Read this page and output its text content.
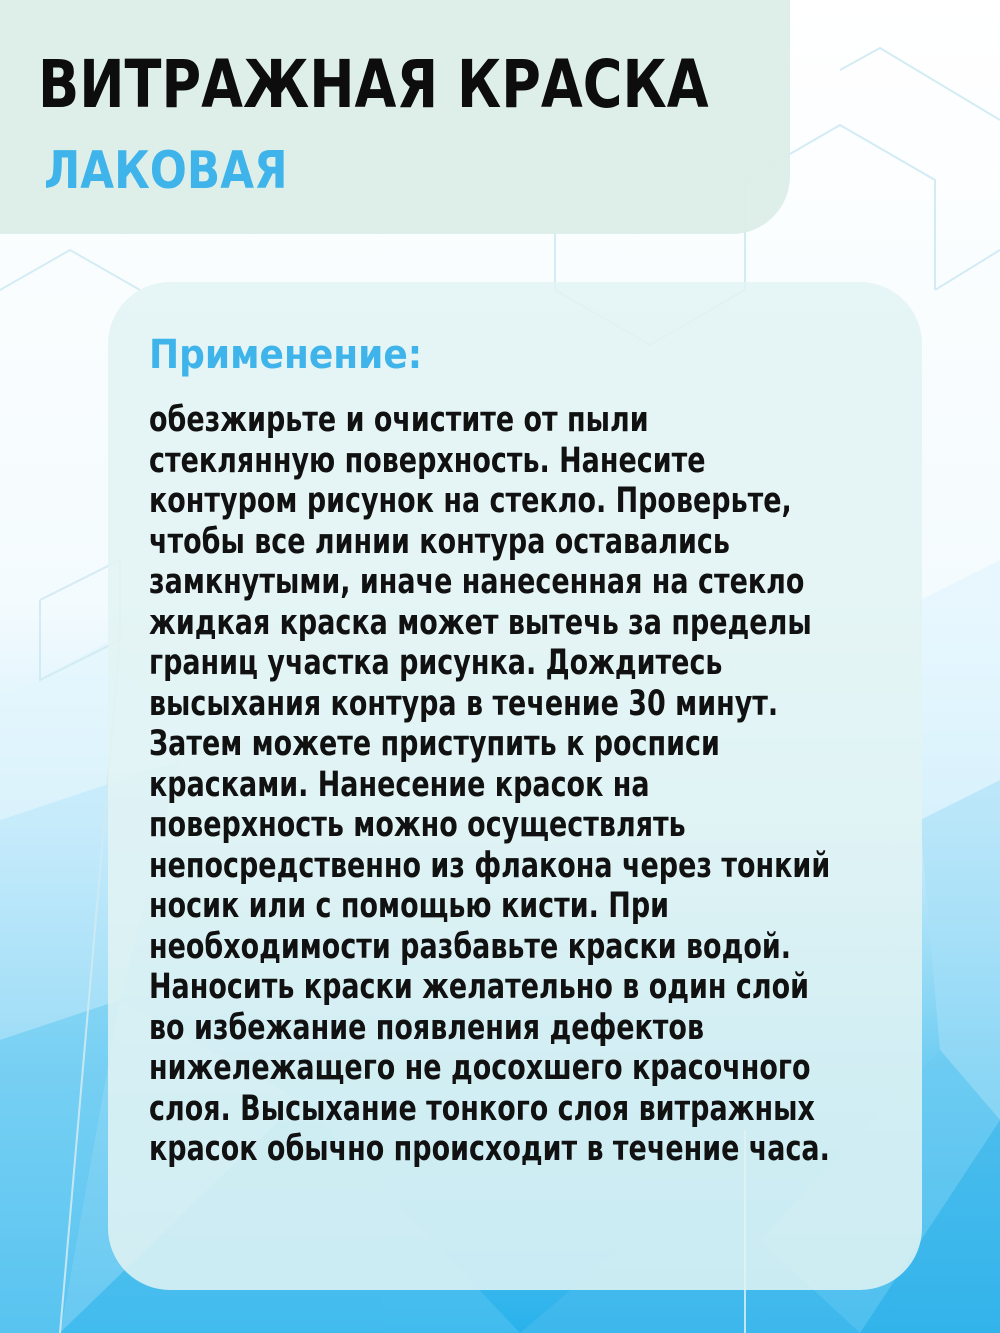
ВИТРАЖНАЯ КРАСКА
ЛАКОВАЯ
Применение:
обезжирьте и очистите от пыли
стеклянную поверхность. Нанесите
контуром рисунок на стекло. Проверьте,
чтобы все линии контура оставались
замкнутыми, иначе нанесенная на стекло
жидкая краска может вытечь за пределы
границ участка рисунка. Дождитесь
высыхания контура в течение 30 минут.
Затем можете приступить к росписи
красками. Нанесение красок на
поверхность можно осуществлять
непосредственно из флакона через тонкий
носик или с помощью кисти. При
необходимости разбавьте краски водой.
Наносить краски желательно в один слой
во избежание появления дефектов
нижележащего не досохшего красочного
слоя. Высыхание тонкого слоя витражных
красок обычно происходит в течение часа.
